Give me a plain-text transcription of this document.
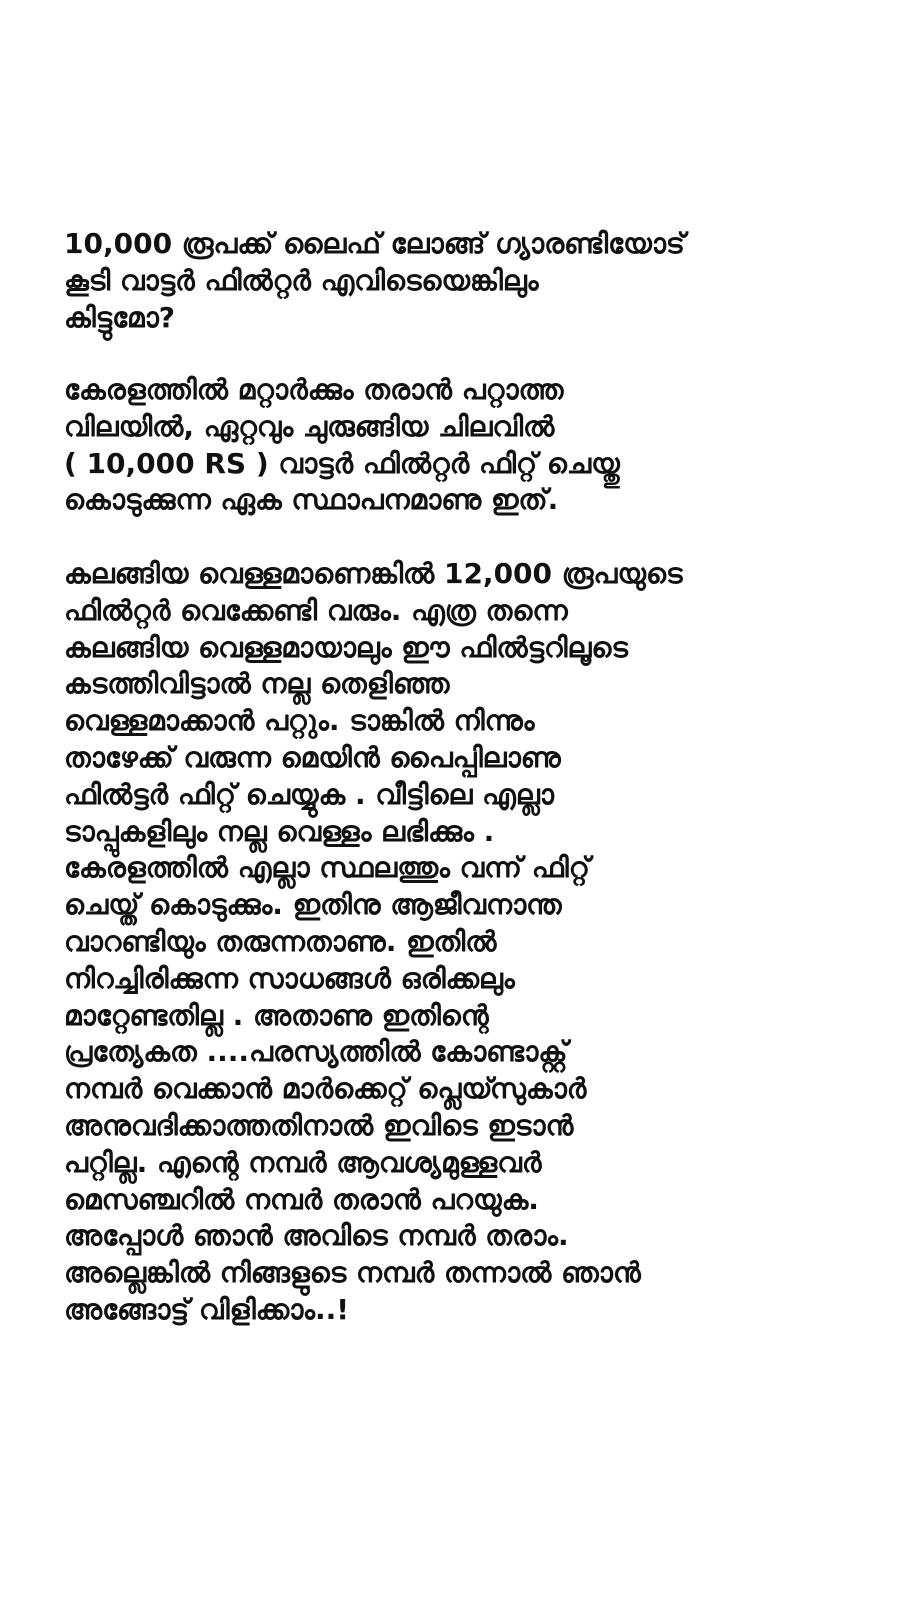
10,000 രൂപക്ക് ലൈഫ് ലോങ്ങ് ഗ്യാരണ്ടിയോട്
കൂടി വാട്ടർ ഫിൽറ്റർ എവിടെയെങ്കിലും
കിട്ടുമോ?
കേരളത്തിൽ മറ്റാർക്കും തരാൻ പറ്റാത്ത
വിലയിൽ, ഏറ്റവും ചുരുങ്ങിയ ചിലവിൽ
( 10,000 RS ) വാട്ടർ ഫിൽറ്റർ ഫിറ്റ് ചെയ്തു
കൊടുക്കുന്ന ഏക സ്ഥാപനമാണു ഇത്.
കലങ്ങിയ വെള്ളമാണെങ്കിൽ 12,000 രൂപയുടെ
ഫിൽറ്റർ വെക്കേണ്ടി വരും. എത്ര തന്നെ
കലങ്ങിയ വെള്ളമായാലും ഈ ഫിൽട്ടറിലൂടെ
കടത്തിവിട്ടാൽ നല്ല തെളിഞ്ഞ
വെള്ളമാക്കാൻ പറ്റും. ടാങ്കിൽ നിന്നും
താഴേക്ക് വരുന്ന മെയിൻ പൈപ്പിലാണു
ഫിൽട്ടർ ഫിറ്റ് ചെയ്യുക . വീട്ടിലെ എല്ലാ
ടാപ്പുകളിലും നല്ല വെള്ളം ലഭിക്കും .
കേരളത്തിൽ എല്ലാ സ്ഥലത്തും വന്ന് ഫിറ്റ്
ചെയ്ത് കൊടുക്കും. ഇതിനു ആജീവനാന്ത
വാറണ്ടിയും തരുന്നതാണു. ഇതിൽ
നിറച്ചിരിക്കുന്ന സാധങ്ങൾ ഒരിക്കലും
മാറ്റേണ്ടതില്ല . അതാണു ഇതിന്റെ
പ്രത്യേകത ....പരസ്യത്തിൽ കോണ്ടാക്റ്റ്
നമ്പർ വെക്കാൻ മാർക്കെറ്റ് പ്ലെയ്സുകാർ
അനുവദിക്കാത്തതിനാൽ ഇവിടെ ഇടാൻ
പറ്റില്ല. എന്റെ നമ്പർ ആവശ്യമുള്ളവർ
മെസഞ്ചറിൽ നമ്പർ തരാൻ പറയുക.
അപ്പോൾ ഞാൻ അവിടെ നമ്പർ തരാം.
അല്ലെങ്കിൽ നിങ്ങളുടെ നമ്പർ തന്നാൽ ഞാൻ
അങ്ങോട്ട് വിളിക്കാം..!
